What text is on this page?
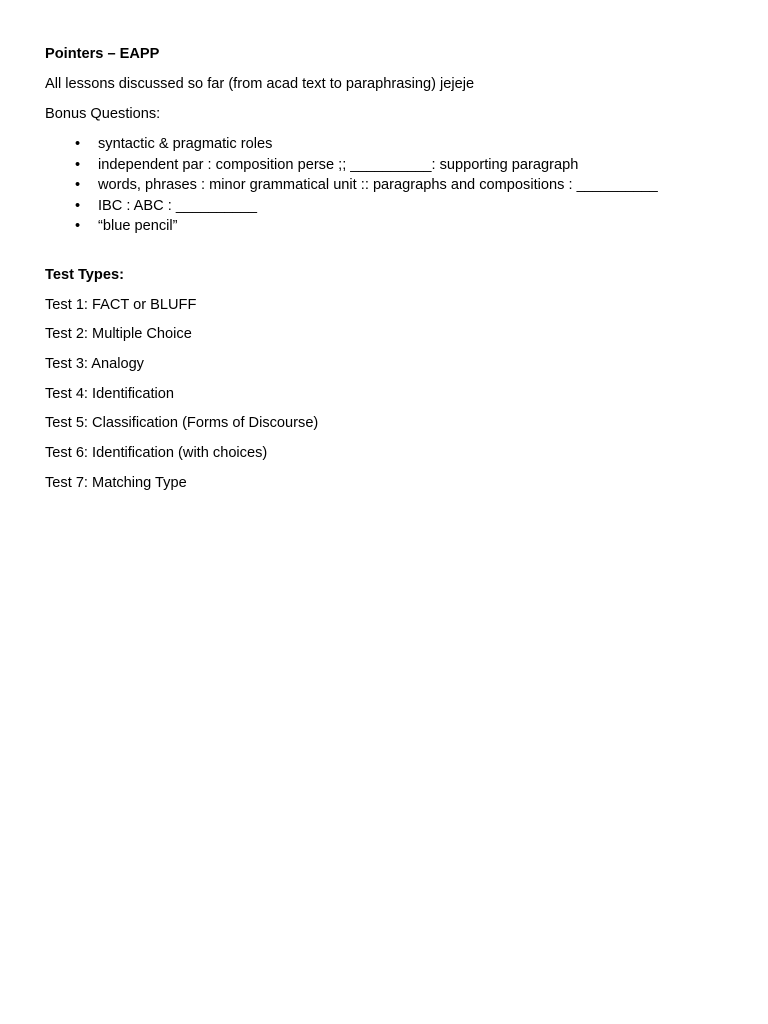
Pointers – EAPP
All lessons discussed so far (from acad text to paraphrasing) jejeje
Bonus Questions:
•	syntactic & pragmatic roles
•	independent par : composition perse ;; __________: supporting paragraph
•	words, phrases : minor grammatical unit :: paragraphs and compositions : __________
•	IBC : ABC : __________
•	“blue pencil”
Test Types:
Test 1: FACT or BLUFF
Test 2: Multiple Choice
Test 3: Analogy
Test 4: Identification
Test 5: Classification (Forms of Discourse)
Test 6: Identification (with choices)
Test 7: Matching Type
